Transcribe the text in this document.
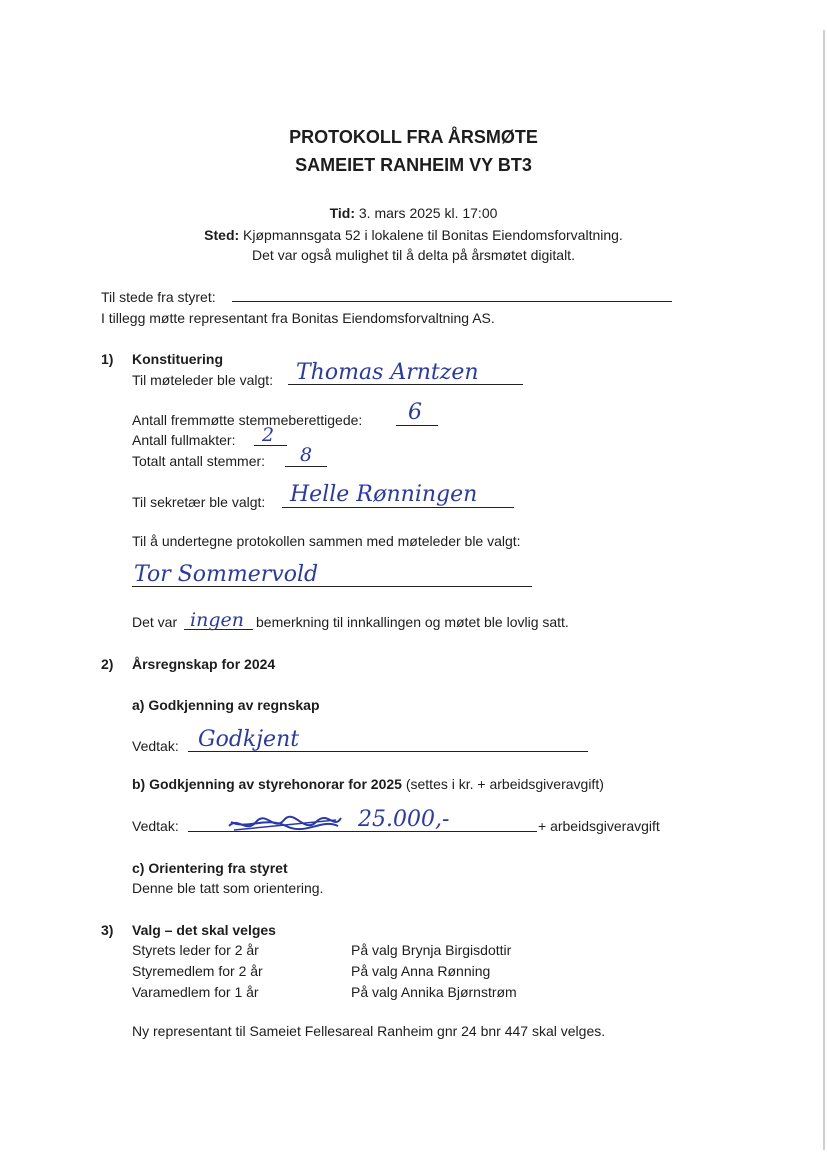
PROTOKOLL FRA ÅRSMØTE
SAMEIET RANHEIM VY BT3
Tid: 3. mars 2025 kl. 17:00
Sted: Kjøpmannsgata 52 i lokalene til Bonitas Eiendomsforvaltning.
Det var også mulighet til å delta på årsmøtet digitalt.
Til stede fra styret:
I tillegg møtte representant fra Bonitas Eiendomsforvaltning AS.
1) Konstituering
Til møteleder ble valgt: Thomas Arntzen
Antall fremmøtte stemmeberettigede: 6
Antall fullmakter: 2
Totalt antall stemmer: 8
Til sekretær ble valgt: Helle Rønningen
Til å undertegne protokollen sammen med møteleder ble valgt:
Tor Sommervold
Det var ingen bemerkning til innkallingen og møtet ble lovlig satt.
2) Årsregnskap for 2024
a) Godkjenning av regnskap
Vedtak: Godkjent
b) Godkjenning av styrehonorar for 2025 (settes i kr. + arbeidsgiveravgift)
Vedtak:	25.000,-	+ arbeidsgiveravgift
c) Orientering fra styret
Denne ble tatt som orientering.
3) Valg – det skal velges
Styrets leder for 2 år	På valg Brynja Birgisdottir
Styremedlem for 2 år	På valg Anna Rønning
Varamedlem for 1 år	På valg Annika Bjørnstrøm
Ny representant til Sameiet Fellesareal Ranheim gnr 24 bnr 447 skal velges.
